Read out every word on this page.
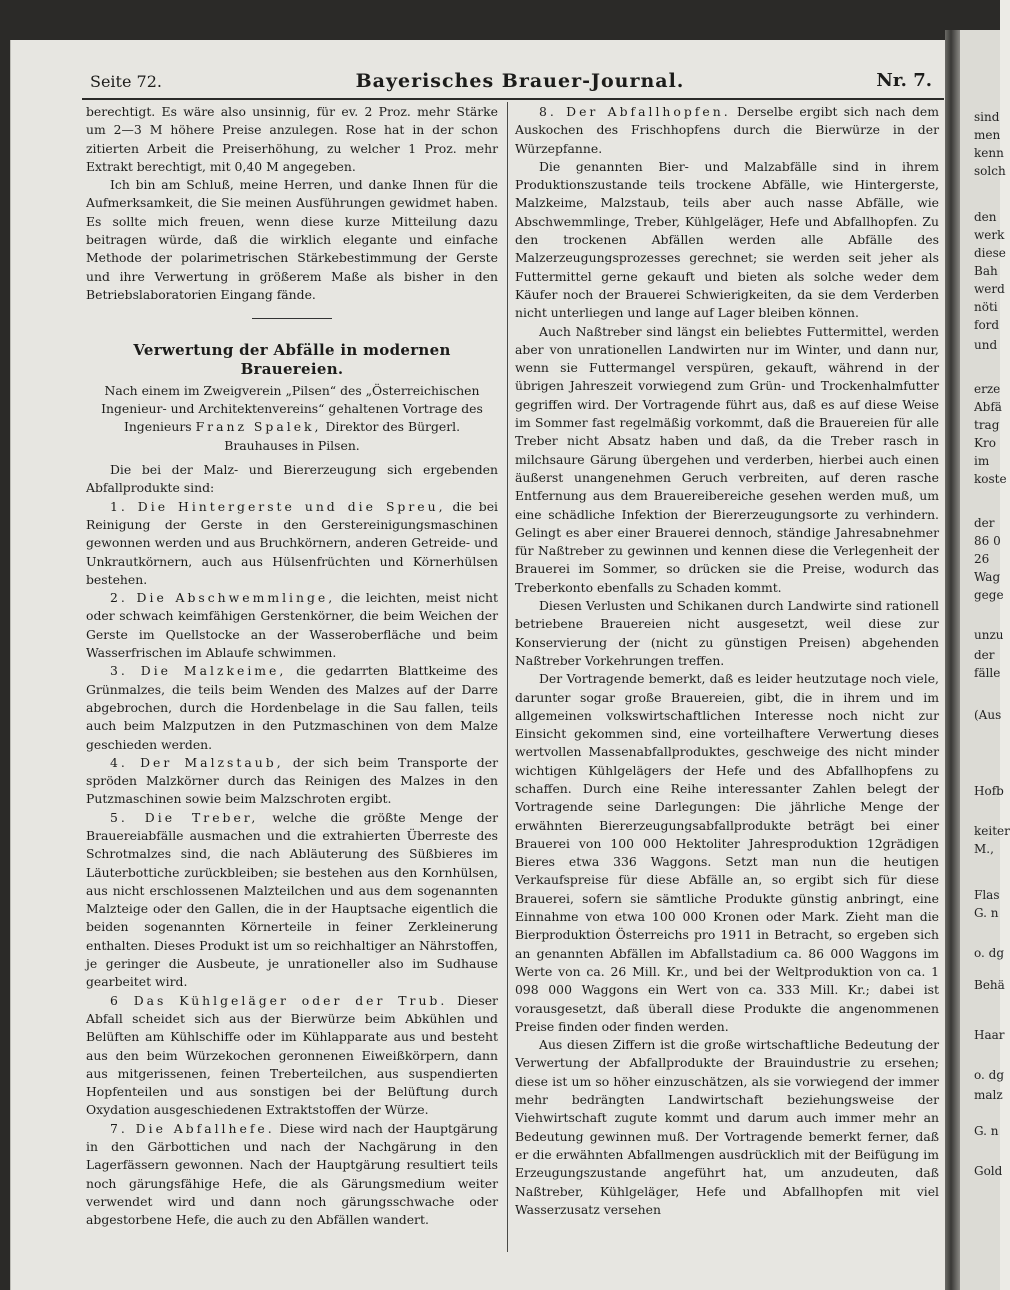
Seite 72.	Bayerisches Brauer-Journal.	Nr. 7.

berechtigt. Es wäre also unsinnig, für ev. 2 Proz. mehr Stärke um 2—3 M höhere Preise anzulegen. Rose hat in der schon zitierten Arbeit die Preiserhöhung, zu welcher 1 Proz. mehr Extrakt berechtigt, mit 0,40 M angegeben.

Ich bin am Schluß, meine Herren, und danke Ihnen für die Aufmerksamkeit, die Sie meinen Ausführungen gewidmet haben. Es sollte mich freuen, wenn diese kurze Mitteilung dazu beitragen würde, daß die wirklich elegante und einfache Methode der polarimetrischen Stärkebestimmung der Gerste und ihre Verwertung in größerem Maße als bisher in den Betriebslaboratorien Eingang fände.

Verwertung der Abfälle in modernen Brauereien.

Nach einem im Zweigverein „Pilsen“ des „Österreichischen Ingenieur- und Architektenvereins“ gehaltenen Vortrage des Ingenieurs Franz Spalek, Direktor des Bürgerl. Brauhauses in Pilsen.

Die bei der Malz- und Biererzeugung sich ergebenden Abfallprodukte sind:

1. Die Hintergerste und die Spreu, die bei Reinigung der Gerste in den Gerstereinigungsmaschinen gewonnen werden und aus Bruchkörnern, anderen Getreide- und Unkrautkörnern, auch aus Hülsenfrüchten und Körnerhülsen bestehen.

2. Die Abschwemmlinge, die leichten, meist nicht oder schwach keimfähigen Gerstenkörner, die beim Weichen der Gerste im Quellstocke an der Wasseroberfläche und beim Wasserfrischen im Ablaufe schwimmen.

3. Die Malzkeime, die gedarrten Blattkeime des Grünmalzes, die teils beim Wenden des Malzes auf der Darre abgebrochen, durch die Hordenbelage in die Sau fallen, teils auch beim Malzputzen in den Putzmaschinen von dem Malze geschieden werden.

4. Der Malzstaub, der sich beim Transporte der spröden Malzkörner durch das Reinigen des Malzes in den Putzmaschinen sowie beim Malzschroten ergibt.

5. Die Treber, welche die größte Menge der Brauereiabfälle ausmachen und die extrahierten Überreste des Schrotmalzes sind, die nach Abläuterung des Süßbieres im Läuterbottiche zurückbleiben; sie bestehen aus den Kornhülsen, aus nicht erschlossenen Malzteilchen und aus dem sogenannten Malzteige oder den Gallen, die in der Hauptsache eigentlich die beiden sogenannten Körnerteile in feiner Zerkleinerung enthalten. Dieses Produkt ist um so reichhaltiger an Nährstoffen, je geringer die Ausbeute, je unrationeller also im Sudhause gearbeitet wird.

6 Das Kühlgeläger oder der Trub. Dieser Abfall scheidet sich aus der Bierwürze beim Abkühlen und Belüften am Kühlschiffe oder im Kühlapparate aus und besteht aus den beim Würzekochen geronnenen Eiweißkörpern, dann aus mitgerissenen, feinen Treberteilchen, aus suspendierten Hopfenteilen und aus sonstigen bei der Belüftung durch Oxydation ausgeschiedenen Extraktstoffen der Würze.

7. Die Abfallhefe. Diese wird nach der Hauptgärung in den Gärbottichen und nach der Nachgärung in den Lagerfässern gewonnen. Nach der Hauptgärung resultiert teils noch gärungsfähige Hefe, die als Gärungsmedium weiter verwendet wird und dann noch gärungsschwache oder abgestorbene Hefe, die auch zu den Abfällen wandert.

8. Der Abfallhopfen. Derselbe ergibt sich nach dem Auskochen des Frischhopfens durch die Bierwürze in der Würzepfanne.

Die genannten Bier- und Malzabfälle sind in ihrem Produktionszustande teils trockene Abfälle, wie Hintergerste, Malzkeime, Malzstaub, teils aber auch nasse Abfälle, wie Abschwemmlinge, Treber, Kühlgeläger, Hefe und Abfallhopfen. Zu den trockenen Abfällen werden alle Abfälle des Malzerzeugungsprozesses gerechnet; sie werden seit jeher als Futtermittel gerne gekauft und bieten als solche weder dem Käufer noch der Brauerei Schwierigkeiten, da sie dem Verderben nicht unterliegen und lange auf Lager bleiben können.

Auch Naßtreber sind längst ein beliebtes Futtermittel, werden aber von unrationellen Landwirten nur im Winter, und dann nur, wenn sie Futtermangel verspüren, gekauft, während in der übrigen Jahreszeit vorwiegend zum Grün- und Trockenhalmfutter gegriffen wird. Der Vortragende führt aus, daß es auf diese Weise im Sommer fast regelmäßig vorkommt, daß die Brauereien für alle Treber nicht Absatz haben und daß, da die Treber rasch in milchsaure Gärung übergehen und verderben, hierbei auch einen äußerst unangenehmen Geruch verbreiten, auf deren rasche Entfernung aus dem Brauereibereiche gesehen werden muß, um eine schädliche Infektion der Biererzeugungsorte zu verhindern. Gelingt es aber einer Brauerei dennoch, ständige Jahresabnehmer für Naßtreber zu gewinnen und kennen diese die Verlegenheit der Brauerei im Sommer, so drücken sie die Preise, wodurch das Treberkonto ebenfalls zu Schaden kommt.

Diesen Verlusten und Schikanen durch Landwirte sind rationell betriebene Brauereien nicht ausgesetzt, weil diese zur Konservierung der (nicht zu günstigen Preisen) abgehenden Naßtreber Vorkehrungen treffen.

Der Vortragende bemerkt, daß es leider heutzutage noch viele, darunter sogar große Brauereien, gibt, die in ihrem und im allgemeinen volkswirtschaftlichen Interesse noch nicht zur Einsicht gekommen sind, eine vorteilhaftere Verwertung dieses wertvollen Massenabfallproduktes, geschweige des nicht minder wichtigen Kühlgelägers der Hefe und des Abfallhopfens zu schaffen. Durch eine Reihe interessanter Zahlen belegt der Vortragende seine Darlegungen: Die jährliche Menge der erwähnten Biererzeugungsabfallprodukte beträgt bei einer Brauerei von 100 000 Hektoliter Jahresproduktion 12grädigen Bieres etwa 336 Waggons. Setzt man nun die heutigen Verkaufspreise für diese Abfälle an, so ergibt sich für diese Brauerei, sofern sie sämtliche Produkte günstig anbringt, eine Einnahme von etwa 100 000 Kronen oder Mark. Zieht man die Bierproduktion Österreichs pro 1911 in Betracht, so ergeben sich an genannten Abfällen im Abfallstadium ca. 86 000 Waggons im Werte von ca. 26 Mill. Kr., und bei der Weltproduktion von ca. 1 098 000 Waggons ein Wert von ca. 333 Mill. Kr.; dabei ist vorausgesetzt, daß überall diese Produkte die angenommenen Preise finden oder finden werden.

Aus diesen Ziffern ist die große wirtschaftliche Bedeutung der Verwertung der Abfallprodukte der Brauindustrie zu ersehen; diese ist um so höher einzuschätzen, als sie vorwiegend der immer mehr bedrängten Landwirtschaft beziehungsweise der Viehwirtschaft zugute kommt und darum auch immer mehr an Bedeutung gewinnen muß. Der Vortragende bemerkt ferner, daß er die erwähnten Abfallmengen ausdrücklich mit der Beifügung im Erzeugungszustande angeführt hat, um anzudeuten, daß Naßtreber, Kühlgeläger, Hefe und Abfallhopfen mit viel Wasserzusatz versehen

sind
men
kenn
solch
den
werk
diese
Bah
werd
nöti
ford
und
erze
Abfä
trag
Kro
im
koste
der
86 0
26
Wag
gege
unzu
der
fälle
(Aus
Hofb
keiter
M.,
Flas
G. n
o. dg
Behä
Haar
o. dg
malz
G. n
Gold
